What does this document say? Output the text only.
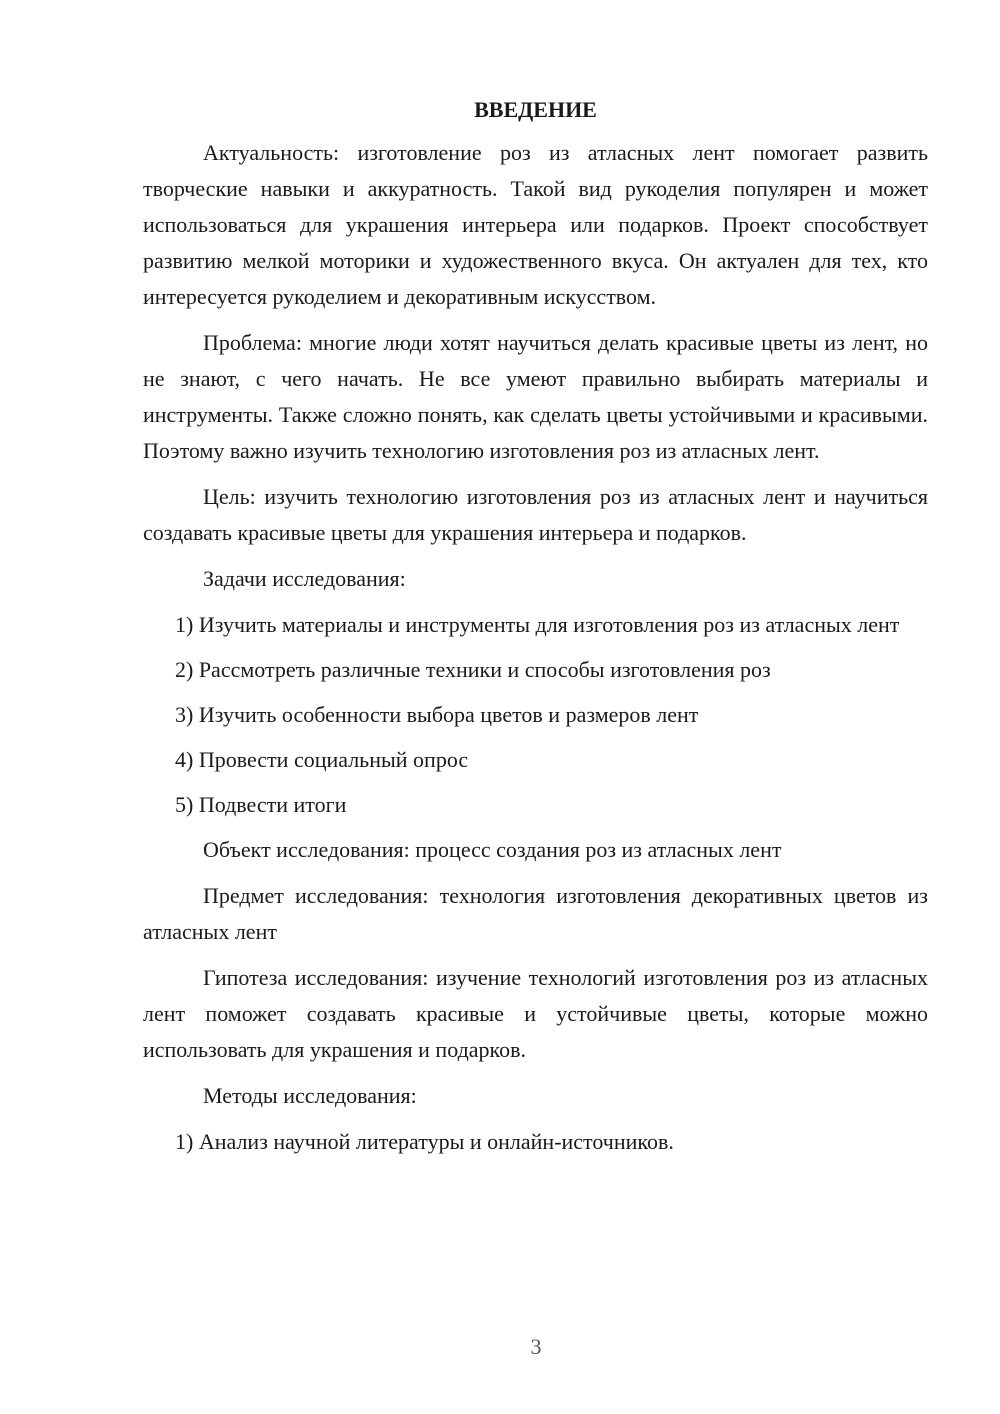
ВВЕДЕНИЕ

Актуальность: изготовление роз из атласных лент помогает развить творческие навыки и аккуратность. Такой вид рукоделия популярен и может использоваться для украшения интерьера или подарков. Проект способствует развитию мелкой моторики и художественного вкуса. Он актуален для тех, кто интересуется рукоделием и декоративным искусством.

Проблема: многие люди хотят научиться делать красивые цветы из лент, но не знают, с чего начать. Не все умеют правильно выбирать материалы и инструменты. Также сложно понять, как сделать цветы устойчивыми и красивыми. Поэтому важно изучить технологию изготовления роз из атласных лент.

Цель: изучить технологию изготовления роз из атласных лент и научиться создавать красивые цветы для украшения интерьера и подарков.

Задачи исследования:

1) Изучить материалы и инструменты для изготовления роз из атласных лент

2) Рассмотреть различные техники и способы изготовления роз

3) Изучить особенности выбора цветов и размеров лент

4) Провести социальный опрос

5) Подвести итоги

Объект исследования: процесс создания роз из атласных лент

Предмет исследования: технология изготовления декоративных цветов из атласных лент

Гипотеза исследования: изучение технологий изготовления роз из атласных лент поможет создавать красивые и устойчивые цветы, которые можно использовать для украшения и подарков.

Методы исследования:

1) Анализ научной литературы и онлайн-источников.

3
